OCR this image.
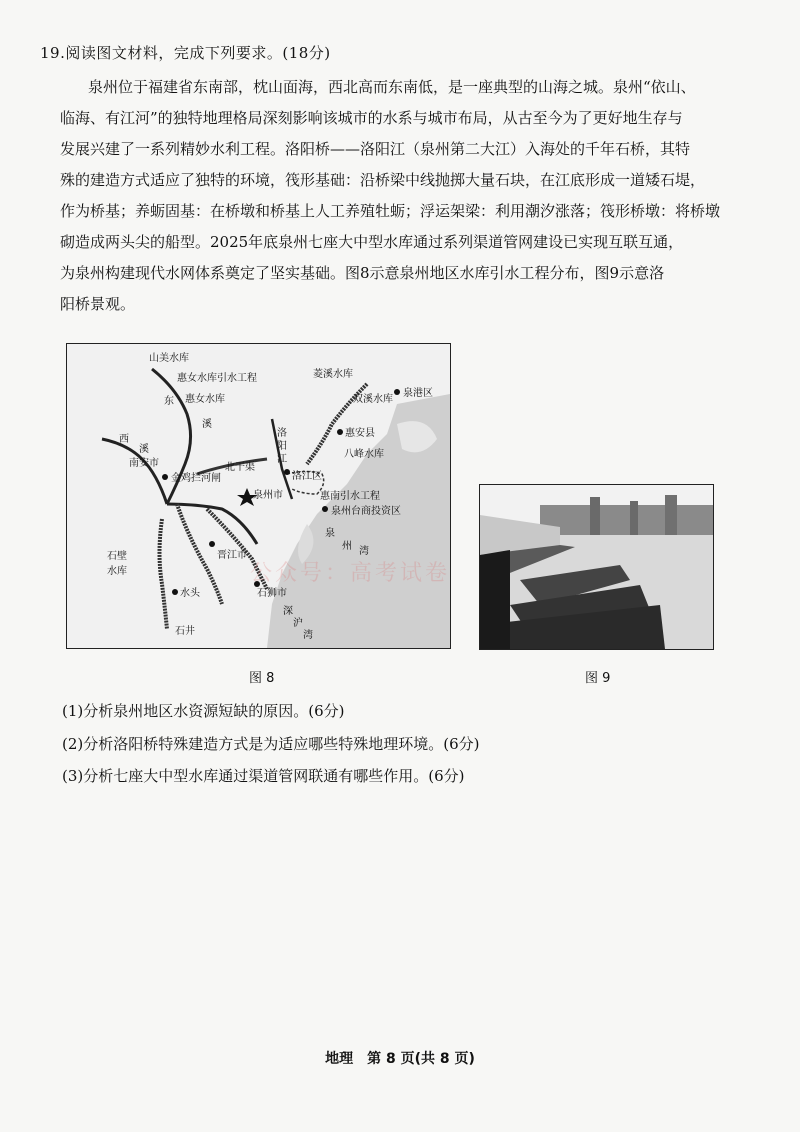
19.阅读图文材料，完成下列要求。(18分)

泉州位于福建省东南部，枕山面海，西北高而东南低，是一座典型的山海之城。泉州“依山、

临海、有江河”的独特地理格局深刻影响该城市的水系与城市布局，从古至今为了更好地生存与

发展兴建了一系列精妙水利工程。洛阳桥——洛阳江（泉州第二大江）入海处的千年石桥，其特

殊的建造方式适应了独特的环境，筏形基础：沿桥梁中线抛掷大量石块，在江底形成一道矮石堤，

作为桥基；养蛎固基：在桥墩和桥基上人工养殖牡蛎；浮运架梁：利用潮汐涨落；筏形桥墩：将桥墩

砌造成两头尖的船型。2025年底泉州七座大中型水库通过系列渠道管网建设已实现互联互通，

为泉州构建现代水网体系奠定了坚实基础。图8示意泉州地区水库引水工程分布，图9示意洛

阳桥景观。

山美水库
惠女水库引水工程
惠女水库
东
溪
西
溪
南安市
金鸡拦河闸
北干渠
泉州市
洛江区
惠南引水工程
泉州台商投资区
晋江市
泉
州 湾
石壁
水库
水头
石井
石狮市
深
沪
湾
菱溪水库
双溪水库
泉港区
洛
阳
江
惠安县
八峰水库
图 8	图 9
公众号：高考试卷
(1)分析泉州地区水资源短缺的原因。(6分)
(2)分析洛阳桥特殊建造方式是为适应哪些特殊地理环境。(6分)
(3)分析七座大中型水库通过渠道管网联通有哪些作用。(6分)
地理　第 8 页(共 8 页)
